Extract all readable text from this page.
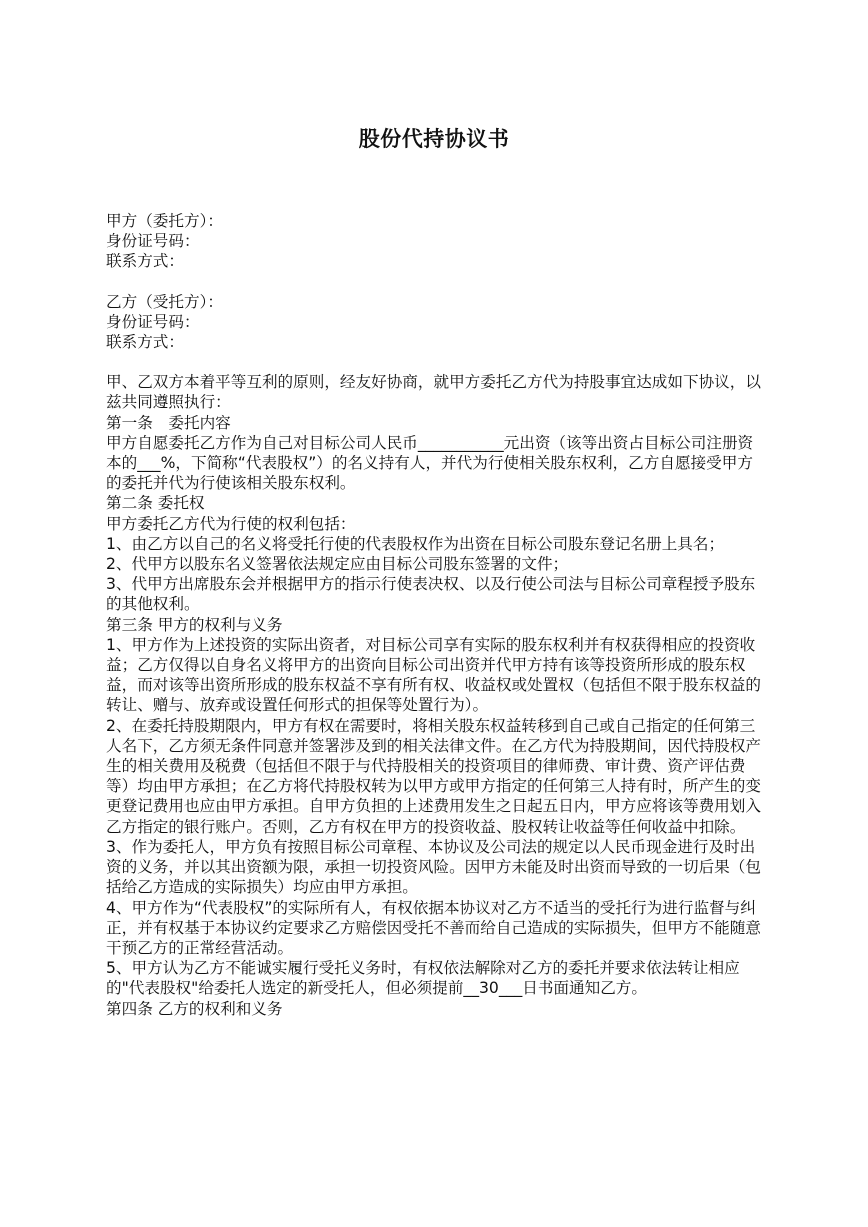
股份代持协议书

甲方（委托方）：

身份证号码：

联系方式：

乙方（受托方）：

身份证号码：

联系方式：

甲、乙双方本着平等互利的原则，经友好协商，就甲方委托乙方代为持股事宜达成如下协议，以兹共同遵照执行：

第一条　委托内容

甲方自愿委托乙方作为自己对目标公司人民币___________元出资（该等出资占目标公司注册资本的___%，下简称“代表股权”）的名义持有人，并代为行使相关股东权利，乙方自愿接受甲方的委托并代为行使该相关股东权利。

第二条 委托权

甲方委托乙方代为行使的权利包括：

1、由乙方以自己的名义将受托行使的代表股权作为出资在目标公司股东登记名册上具名；

2、代甲方以股东名义签署依法规定应由目标公司股东签署的文件；

3、代甲方出席股东会并根据甲方的指示行使表决权、以及行使公司法与目标公司章程授予股东的其他权利。

第三条 甲方的权利与义务

1、甲方作为上述投资的实际出资者，对目标公司享有实际的股东权利并有权获得相应的投资收益；乙方仅得以自身名义将甲方的出资向目标公司出资并代甲方持有该等投资所形成的股东权益，而对该等出资所形成的股东权益不享有所有权、收益权或处置权（包括但不限于股东权益的转让、赠与、放弃或设置任何形式的担保等处置行为）。

2、在委托持股期限内，甲方有权在需要时，将相关股东权益转移到自己或自己指定的任何第三人名下，乙方须无条件同意并签署涉及到的相关法律文件。在乙方代为持股期间，因代持股权产生的相关费用及税费（包括但不限于与代持股相关的投资项目的律师费、审计费、资产评估费等）均由甲方承担；在乙方将代持股权转为以甲方或甲方指定的任何第三人持有时，所产生的变更登记费用也应由甲方承担。自甲方负担的上述费用发生之日起五日内，甲方应将该等费用划入乙方指定的银行账户。否则，乙方有权在甲方的投资收益、股权转让收益等任何收益中扣除。

3、作为委托人，甲方负有按照目标公司章程、本协议及公司法的规定以人民币现金进行及时出资的义务，并以其出资额为限，承担一切投资风险。因甲方未能及时出资而导致的一切后果（包括给乙方造成的实际损失）均应由甲方承担。

4、甲方作为“代表股权”的实际所有人，有权依据本协议对乙方不适当的受托行为进行监督与纠正，并有权基于本协议约定要求乙方赔偿因受托不善而给自己造成的实际损失，但甲方不能随意干预乙方的正常经营活动。

5、甲方认为乙方不能诚实履行受托义务时，有权依法解除对乙方的委托并要求依法转让相应的"代表股权"给委托人选定的新受托人，但必须提前__30___日书面通知乙方。

第四条 乙方的权利和义务
